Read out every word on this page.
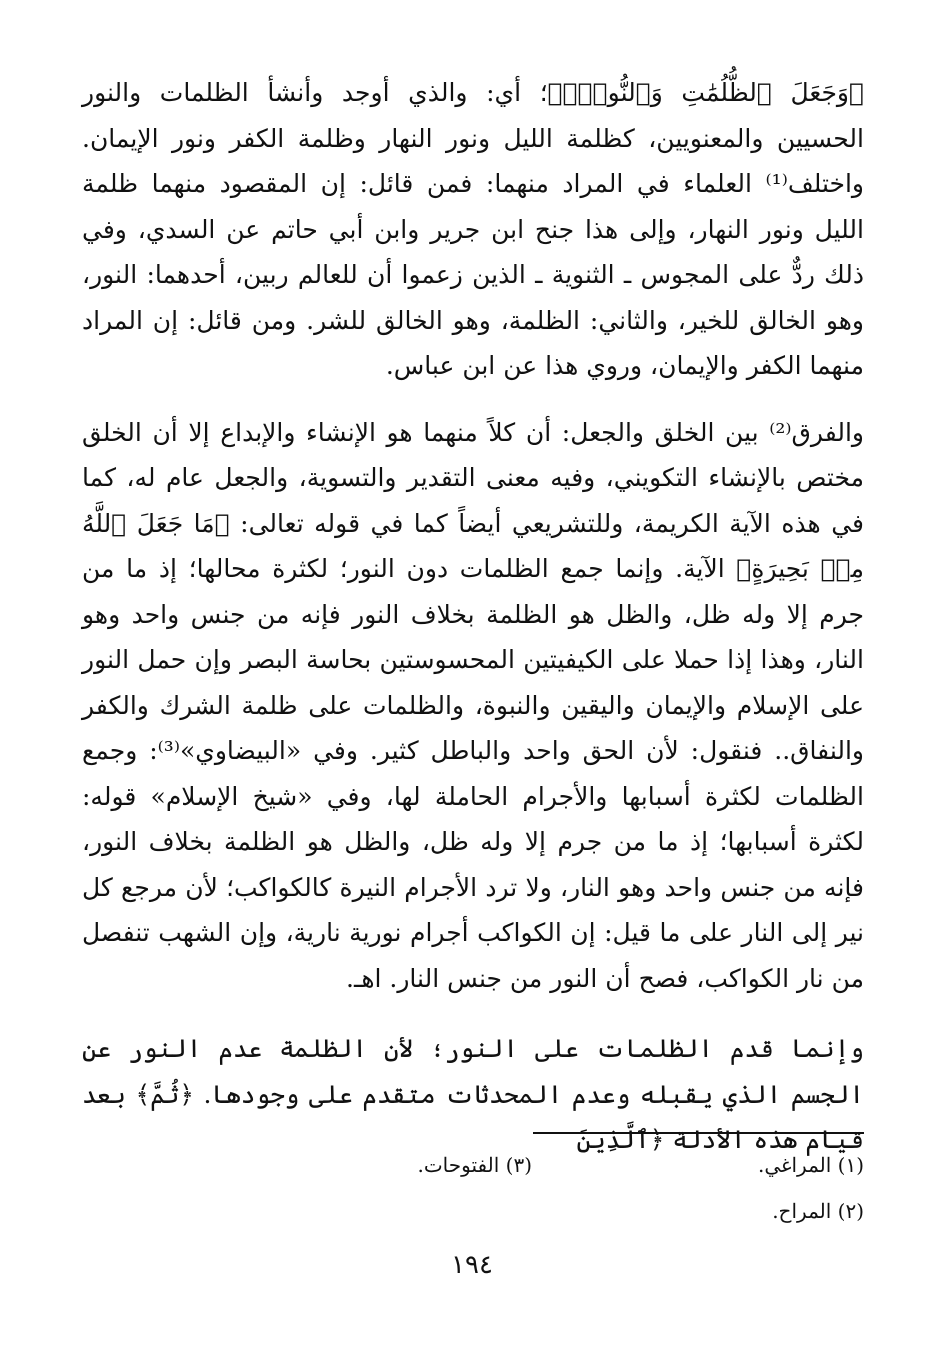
﴿وَجَعَلَ ٱلظُّلُمَٰتِ وَٱلنُّورَۖ﴾؛ أي: والذي أوجد وأنشأ الظلمات والنور الحسيين والمعنويين، كظلمة الليل ونور النهار وظلمة الكفر ونور الإيمان. واختلف⁽¹⁾ العلماء في المراد منهما: فمن قائل: إن المقصود منهما ظلمة الليل ونور النهار، وإلى هذا جنح ابن جرير وابن أبي حاتم عن السدي، وفي ذلك ردٌّ على المجوس ـ الثنوية ـ الذين زعموا أن للعالم ربين، أحدهما: النور، وهو الخالق للخير، والثاني: الظلمة، وهو الخالق للشر. ومن قائل: إن المراد منهما الكفر والإيمان، وروي هذا عن ابن عباس.

والفرق⁽²⁾ بين الخلق والجعل: أن كلاً منهما هو الإنشاء والإبداع إلا أن الخلق مختص بالإنشاء التكويني، وفيه معنى التقدير والتسوية، والجعل عام له، كما في هذه الآية الكريمة، وللتشريعي أيضاً كما في قوله تعالى: ﴿مَا جَعَلَ ٱللَّهُ مِنۢ بَحِيرَةٍ﴾ الآية. وإنما جمع الظلمات دون النور؛ لكثرة محالها؛ إذ ما من جرم إلا وله ظل، والظل هو الظلمة بخلاف النور فإنه من جنس واحد وهو النار، وهذا إذا حملا على الكيفيتين المحسوستين بحاسة البصر وإن حمل النور على الإسلام والإيمان واليقين والنبوة، والظلمات على ظلمة الشرك والكفر والنفاق.. فنقول: لأن الحق واحد والباطل كثير. وفي «البيضاوي»⁽³⁾: وجمع الظلمات لكثرة أسبابها والأجرام الحاملة لها، وفي «شيخ الإسلام» قوله: لكثرة أسبابها؛ إذ ما من جرم إلا وله ظل، والظل هو الظلمة بخلاف النور، فإنه من جنس واحد وهو النار، ولا ترد الأجرام النيرة كالكواكب؛ لأن مرجع كل نير إلى النار على ما قيل: إن الكواكب أجرام نورية نارية، وإن الشهب تنفصل من نار الكواكب، فصح أن النور من جنس النار. اهـ.

وإنما قدم الظلمات على النور؛ لأن الظلمة عدم النور عن الجسم الذي يقبله وعدم المحدثات متقدم على وجودها. ﴿ثُمَّ﴾ بعد قيام هذه الأدلة ﴿ٱلَّذِينَ

(١) المراغي.
(٣) الفتوحات.
(٢) المراح.
١٩٤
